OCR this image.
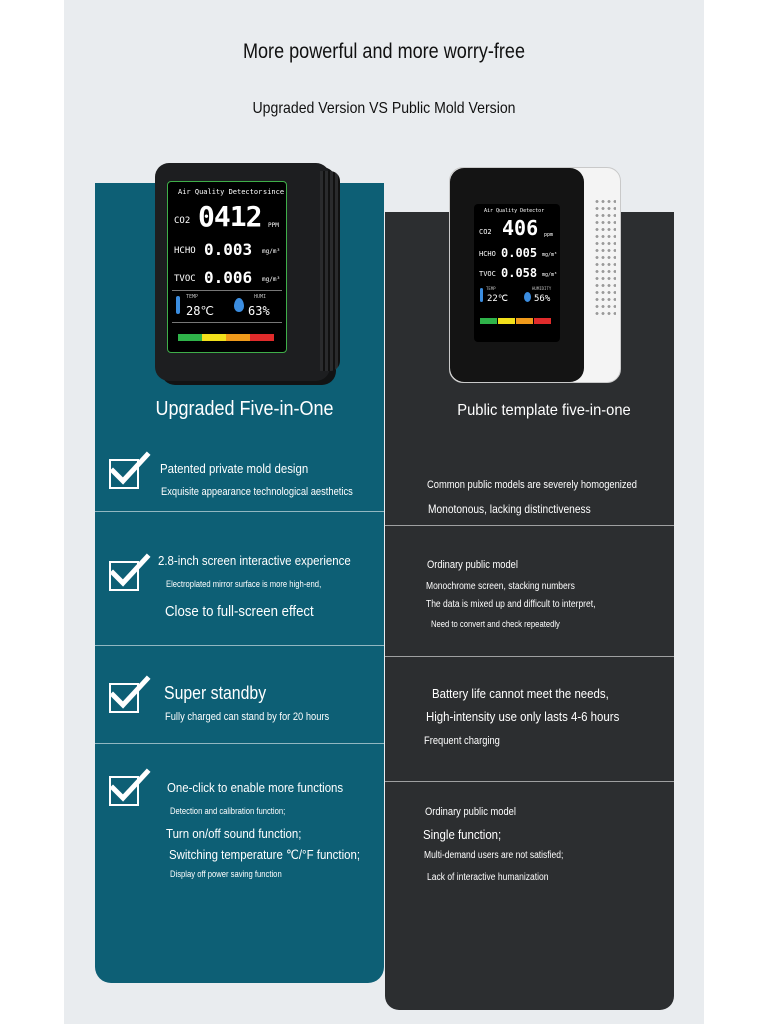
More powerful and more worry-free
Upgraded Version VS Public Mold Version
Air Quality Detector since
CO2 0412 PPM
HCHO 0.003 mg/m³
TVOC 0.006 mg/m³
TEMP
28℃
HUMI
63%
Air Quality Detector
CO2 406 ppm
HCHO 0.005 mg/m³
TVOC 0.058 mg/m³
TEMP
22℃
HUMIDITY
56%
Upgraded Five-in-One	Public template five-in-one
Patented private mold design
Exquisite appearance technological aesthetics
2.8-inch screen interactive experience
Electroplated mirror surface is more high-end,
Close to full-screen effect
Super standby
Fully charged can stand by for 20 hours
One-click to enable more functions
Detection and calibration function;
Turn on/off sound function;
Switching temperature ℃/°F function;
Display off power saving function
Common public models are severely homogenized
Monotonous, lacking distinctiveness
Ordinary public model
Monochrome screen, stacking numbers
The data is mixed up and difficult to interpret,
Need to convert and check repeatedly
Battery life cannot meet the needs,
High-intensity use only lasts 4-6 hours
Frequent charging
Ordinary public model
Single function;
Multi-demand users are not satisfied;
Lack of interactive humanization
